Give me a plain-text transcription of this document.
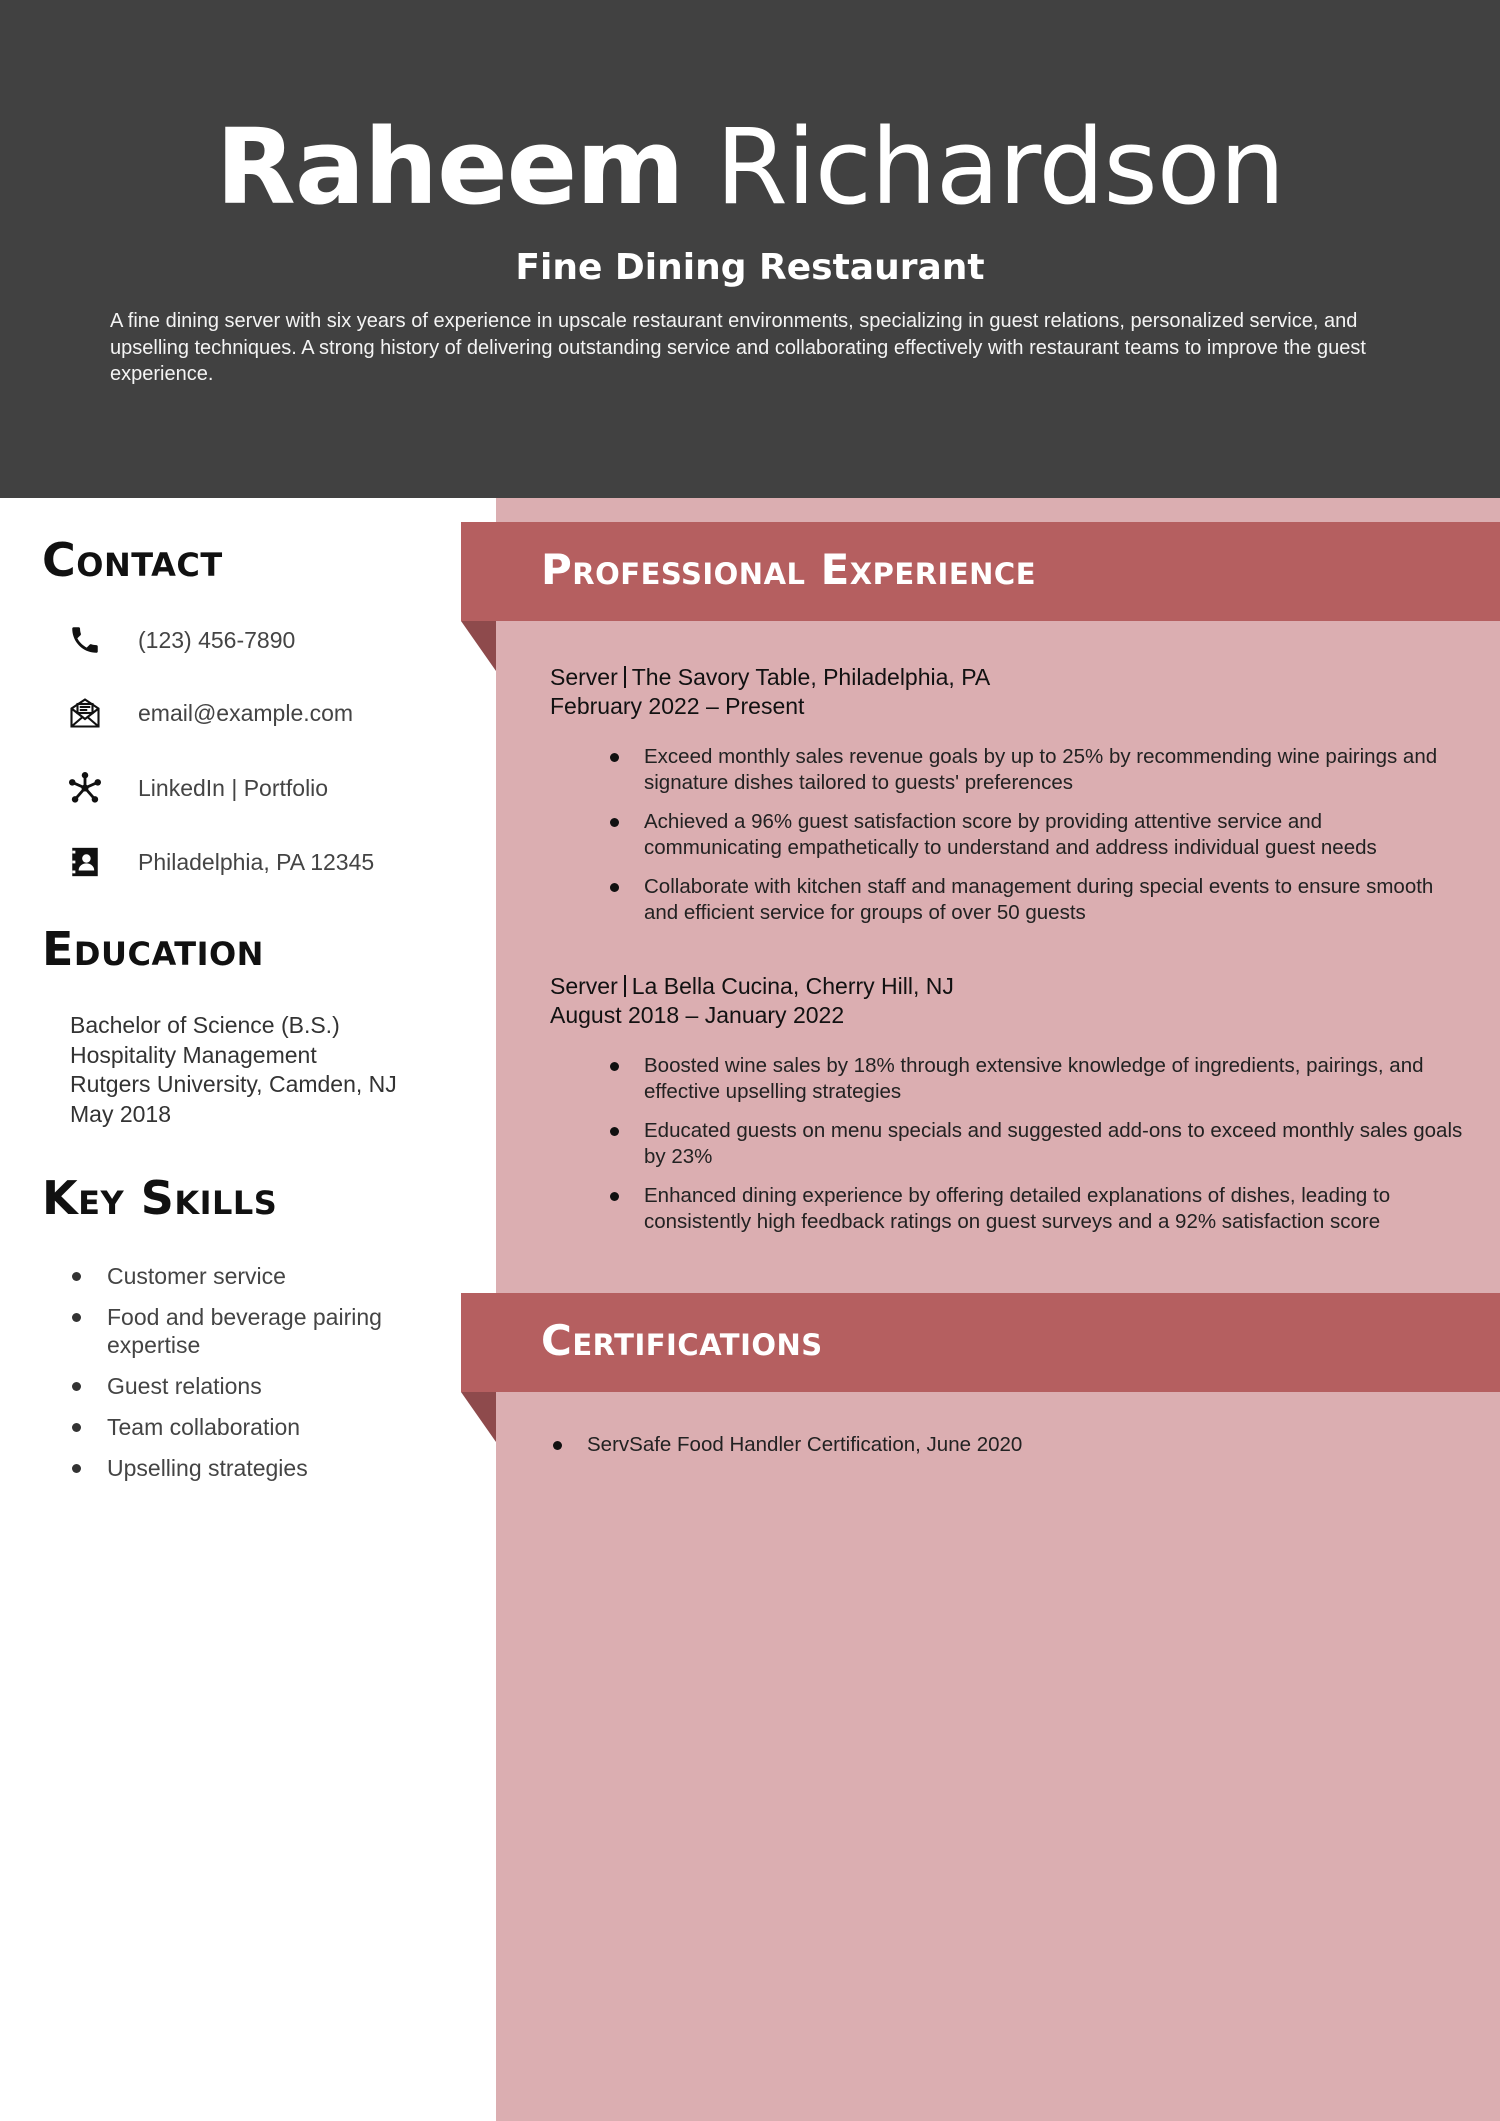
Raheem Richardson
Fine Dining Restaurant
A fine dining server with six years of experience in upscale restaurant environments, specializing in guest relations, personalized service, and upselling techniques. A strong history of delivering outstanding service and collaborating effectively with restaurant teams to improve the guest experience.
Contact
(123) 456-7890
email@example.com
LinkedIn | Portfolio
Philadelphia, PA 12345
Education
Bachelor of Science (B.S.)
Hospitality Management
Rutgers University, Camden, NJ
May 2018
Key Skills
Customer service
Food and beverage pairing expertise
Guest relations
Team collaboration
Upselling strategies
Professional Experience
Server The Savory Table, Philadelphia, PA
February 2022 – Present
Exceed monthly sales revenue goals by up to 25% by recommending wine pairings and signature dishes tailored to guests' preferences
Achieved a 96% guest satisfaction score by providing attentive service and communicating empathetically to understand and address individual guest needs
Collaborate with kitchen staff and management during special events to ensure smooth and efficient service for groups of over 50 guests
Server La Bella Cucina, Cherry Hill, NJ
August 2018 – January 2022
Boosted wine sales by 18% through extensive knowledge of ingredients, pairings, and effective upselling strategies
Educated guests on menu specials and suggested add-ons to exceed monthly sales goals by 23%
Enhanced dining experience by offering detailed explanations of dishes, leading to consistently high feedback ratings on guest surveys and a 92% satisfaction score
Certifications
ServSafe Food Handler Certification, June 2020
